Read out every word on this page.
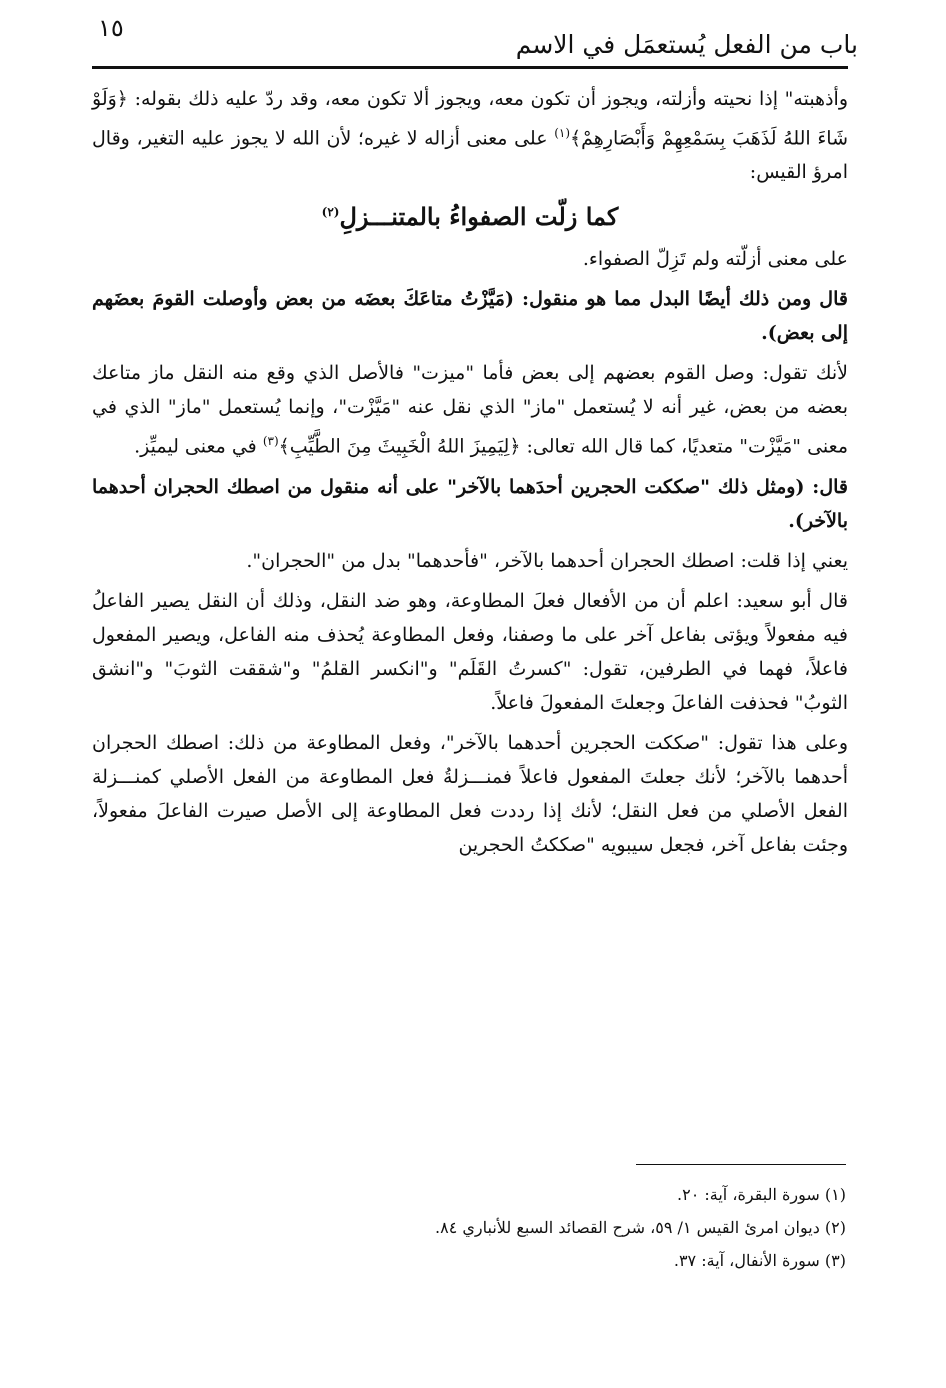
١٥
باب من الفعل يُستعمَل في الاسم

وأذهبته" إذا نحيته وأزلته، ويجوز أن تكون معه، ويجوز ألا تكون معه، وقد ردّ عليه ذلك بقوله: ﴿وَلَوْ شَاءَ اللهُ لَذَهَبَ بِسَمْعِهِمْ وَأَبْصَارِهِمْ﴾$^{(١)}$ على معنى أزاله لا غيره؛ لأن الله لا يجوز عليه التغير، وقال امرؤ القيس:

كما زلّت الصفواءُ بالمتنـــزلِ$^{(٢)}$

على معنى أزلّته ولم تَزِلّ الصفواء.

قال ومن ذلك أيضًا البدل مما هو منقول: (مَيَّزْتُ متاعَكَ بعضَه من بعض وأوصلت القومَ بعضَهم إلى بعض).

لأنك تقول: وصل القوم بعضهم إلى بعض فأما "ميزت" فالأصل الذي وقع منه النقل ماز متاعك بعضه من بعض، غير أنه لا يُستعمل "ماز" الذي نقل عنه "مَيَّزْت"، وإنما يُستعمل "ماز" الذي في معنى "مَيَّزْت" متعديًا، كما قال الله تعالى: ﴿لِيَمِيزَ اللهُ الْخَبِيثَ مِنَ الطَّيِّبِ﴾$^{(٣)}$ في معنى ليميِّز.

قال: (ومثل ذلك "صككت الحجرين أحدَهما بالآخر" على أنه منقول من اصطك الحجران أحدهما بالآخر).

يعني إذا قلت: اصطك الحجران أحدهما بالآخر، "فأحدهما" بدل من "الحجران".

قال أبو سعيد: اعلم أن من الأفعال فعلَ المطاوعة، وهو ضد النقل، وذلك أن النقل يصير الفاعلُ فيه مفعولاً ويؤتى بفاعل آخر على ما وصفنا، وفعل المطاوعة يُحذف منه الفاعل، ويصير المفعول فاعلاً، فهما في الطرفين، تقول: "كسرتُ القَلَم" و"انكسر القلمُ" و"شققت الثوبَ" و"انشق الثوبُ" فحذفت الفاعلَ وجعلتَ المفعولَ فاعلاً.

وعلى هذا تقول: "صككت الحجرين أحدهما بالآخر"، وفعل المطاوعة من ذلك: اصطك الحجران أحدهما بالآخر؛ لأنك جعلتَ المفعول فاعلاً فمنـــزلةُ فعل المطاوعة من الفعل الأصلي كمنـــزلة الفعل الأصلي من فعل النقل؛ لأنك إذا رددت فعل المطاوعة إلى الأصل صيرت الفاعلَ مفعولاً، وجئت بفاعل آخر، فجعل سيبويه "صككتُ الحجرين

(١) سورة البقرة، آية: ٢٠.
(٢) ديوان امرئ القيس ١/ ٥٩، شرح القصائد السبع للأنباري ٨٤.
(٣) سورة الأنفال، آية: ٣٧.
